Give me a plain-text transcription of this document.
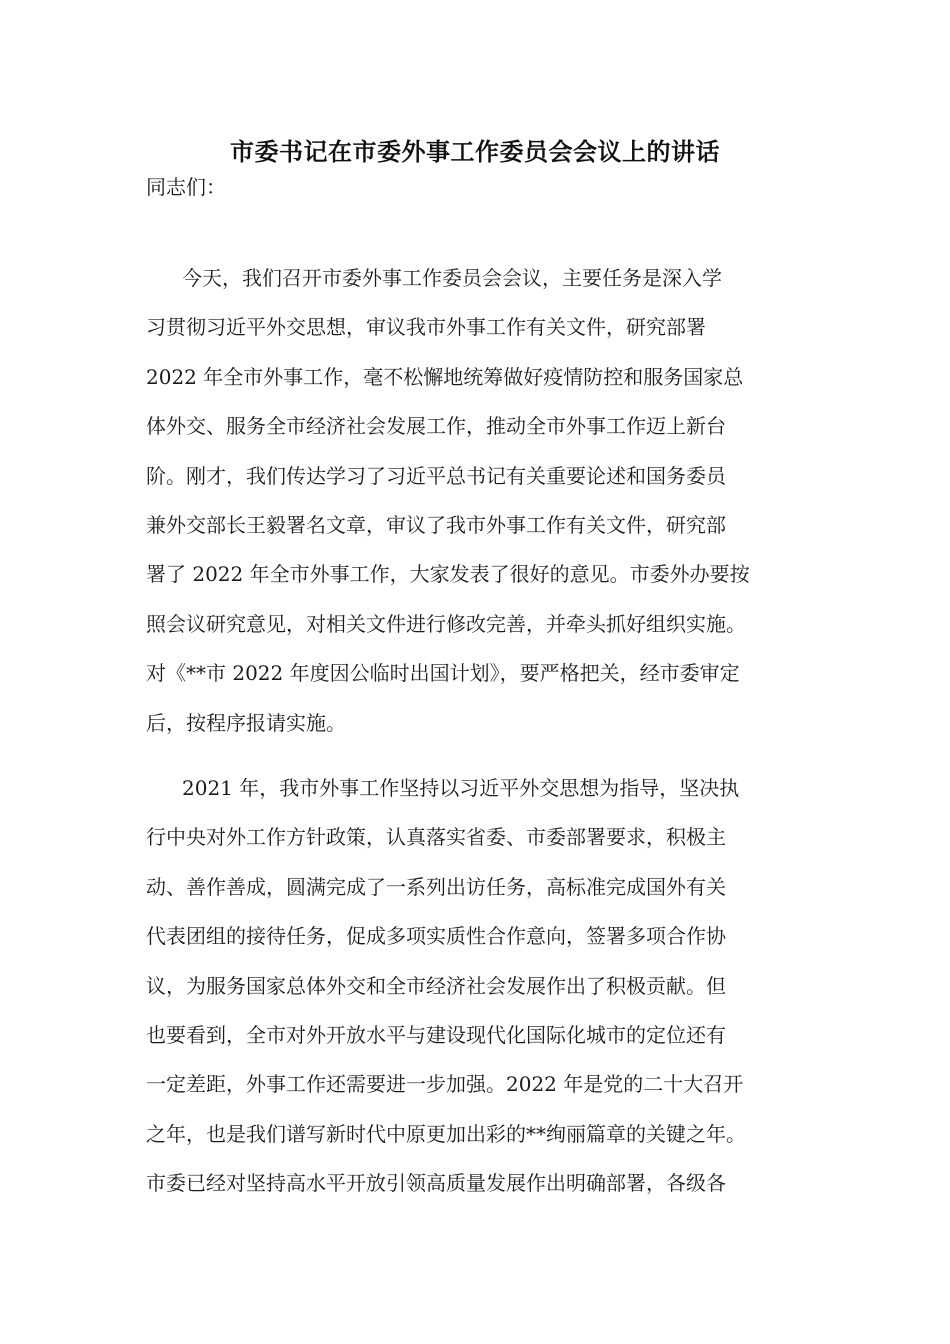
市委书记在市委外事工作委员会会议上的讲话
同志们：
今天，我们召开市委外事工作委员会会议，主要任务是深入学
习贯彻习近平外交思想，审议我市外事工作有关文件，研究部署
2022 年全市外事工作，毫不松懈地统筹做好疫情防控和服务国家总
体外交、服务全市经济社会发展工作，推动全市外事工作迈上新台
阶。刚才，我们传达学习了习近平总书记有关重要论述和国务委员
兼外交部长王毅署名文章，审议了我市外事工作有关文件，研究部
署了 2022 年全市外事工作，大家发表了很好的意见。市委外办要按
照会议研究意见，对相关文件进行修改完善，并牵头抓好组织实施。
对《**市 2022 年度因公临时出国计划》，要严格把关，经市委审定
后，按程序报请实施。
2021 年，我市外事工作坚持以习近平外交思想为指导，坚决执
行中央对外工作方针政策，认真落实省委、市委部署要求，积极主
动、善作善成，圆满完成了一系列出访任务，高标准完成国外有关
代表团组的接待任务，促成多项实质性合作意向，签署多项合作协
议，为服务国家总体外交和全市经济社会发展作出了积极贡献。但
也要看到，全市对外开放水平与建设现代化国际化城市的定位还有
一定差距，外事工作还需要进一步加强。2022 年是党的二十大召开
之年，也是我们谱写新时代中原更加出彩的**绚丽篇章的关键之年。
市委已经对坚持高水平开放引领高质量发展作出明确部署，各级各
